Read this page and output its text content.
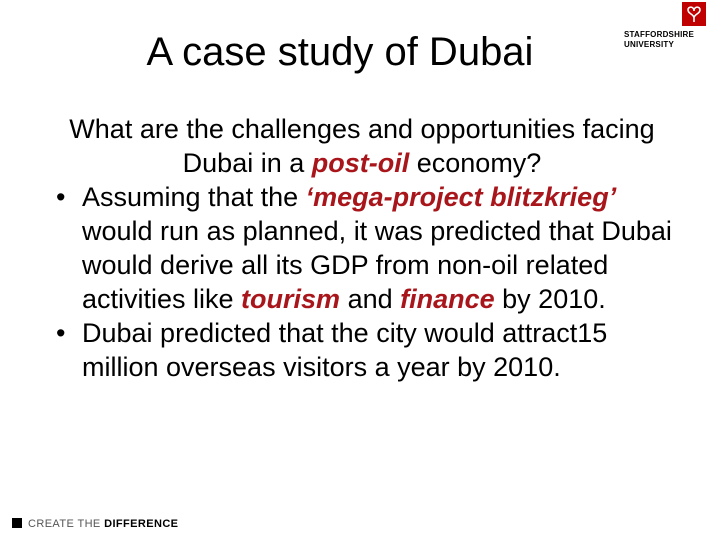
A case study of Dubai	STAFFORDSHIRE
UNIVERSITY

What are the challenges and opportunities facing Dubai in a post-oil economy?

• Assuming that the ‘mega-project blitzkrieg’ would run as planned, it was predicted that Dubai would derive all its GDP from non-oil related activities like tourism and finance by 2010.
• Dubai predicted that the city would attract15 million overseas visitors a year by 2010.
CREATE THE DIFFERENCE
